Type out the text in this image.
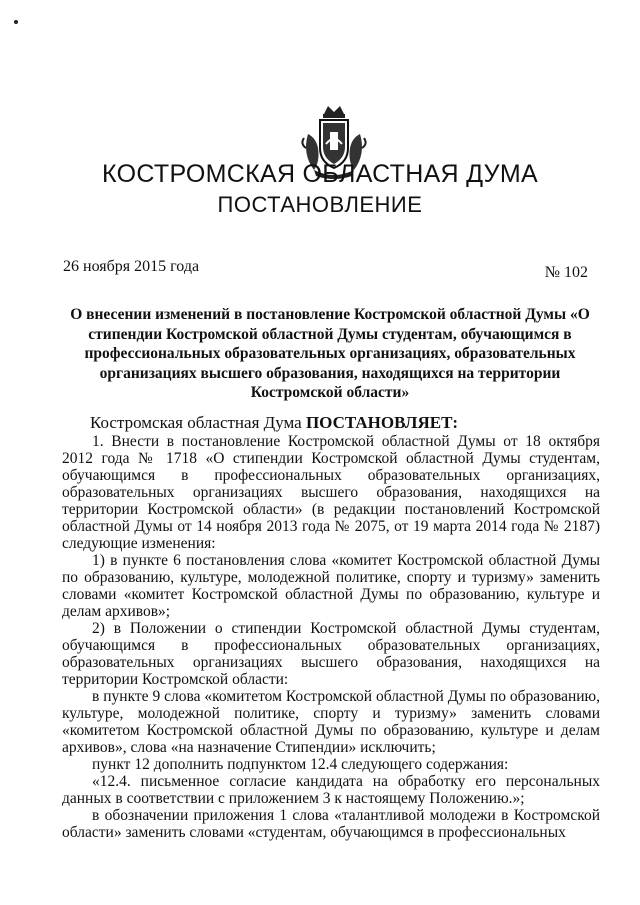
КОСТРОМСКАЯ ОБЛАСТНАЯ ДУМА
ПОСТАНОВЛЕНИЕ
26 ноября 2015 года	№ 102
О внесении изменений в постановление Костромской областной Думы «О стипендии Костромской областной Думы студентам, обучающимся в профессиональных образовательных организациях, образовательных организациях высшего образования, находящихся на территории Костромской области»

Костромская областная Дума ПОСТАНОВЛЯЕТ:

1. Внести в постановление Костромской областной Думы от 18 октября 2012 года № 1718 «О стипендии Костромской областной Думы студентам, обучающимся в профессиональных образовательных организациях, образовательных организациях высшего образования, находящихся на территории Костромской области» (в редакции постановлений Костромской областной Думы от 14 ноября 2013 года № 2075, от 19 марта 2014 года № 2187) следующие изменения:

1) в пункте 6 постановления слова «комитет Костромской областной Думы по образованию, культуре, молодежной политике, спорту и туризму» заменить словами «комитет Костромской областной Думы по образованию, культуре и делам архивов»;

2) в Положении о стипендии Костромской областной Думы студентам, обучающимся в профессиональных образовательных организациях, образовательных организациях высшего образования, находящихся на территории Костромской области:

в пункте 9 слова «комитетом Костромской областной Думы по образованию, культуре, молодежной политике, спорту и туризму» заменить словами «комитетом Костромской областной Думы по образованию, культуре и делам архивов», слова «на назначение Стипендии» исключить;

пункт 12 дополнить подпунктом 12.4 следующего содержания:

«12.4. письменное согласие кандидата на обработку его персональных данных в соответствии с приложением 3 к настоящему Положению.»;

в обозначении приложения 1 слова «талантливой молодежи в Костромской области» заменить словами «студентам, обучающимся в профессиональных
